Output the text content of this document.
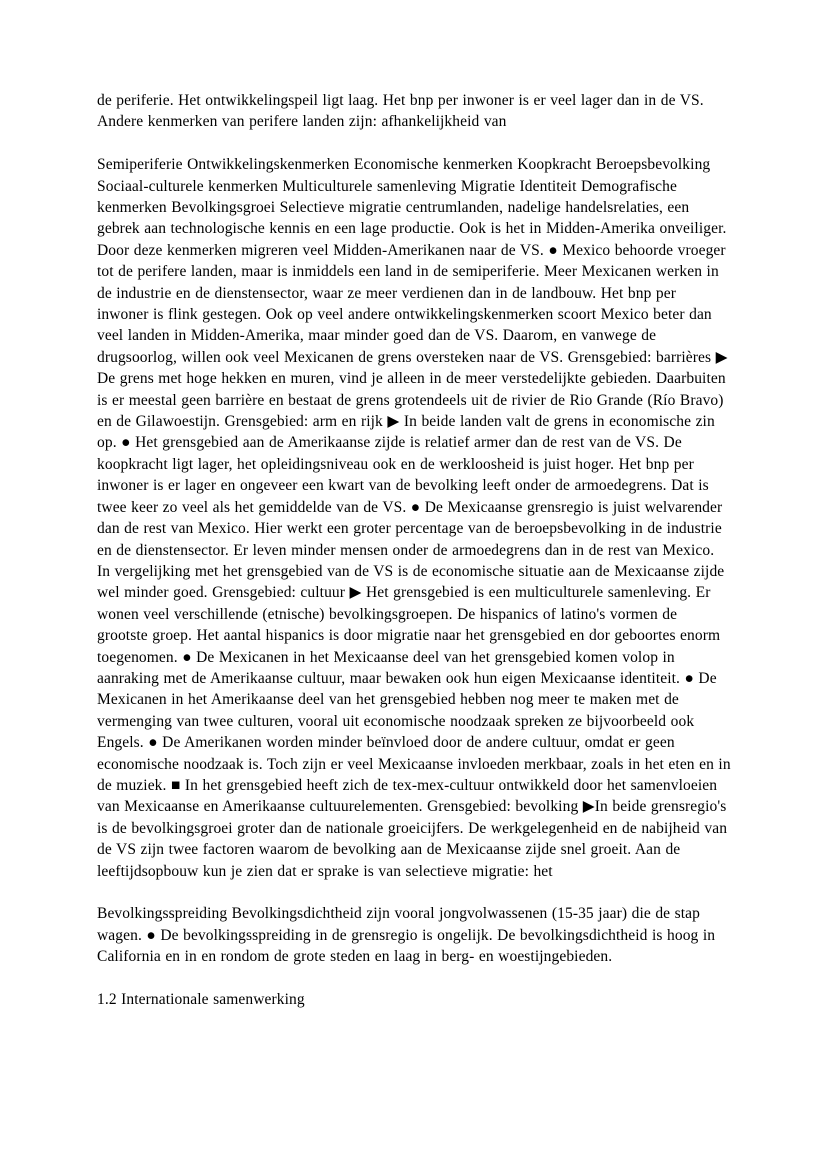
de periferie. Het ontwikkelingspeil ligt laag. Het bnp per inwoner is er veel lager dan in de VS. Andere kenmerken van perifere landen zijn: afhankelijkheid van

Semiperiferie Ontwikkelingskenmerken Economische kenmerken Koopkracht Beroepsbevolking Sociaal-culturele kenmerken Multiculturele samenleving Migratie Identiteit Demografische kenmerken Bevolkingsgroei Selectieve migratie centrumlanden, nadelige handelsrelaties, een gebrek aan technologische kennis en een lage productie. Ook is het in Midden-Amerika onveiliger. Door deze kenmerken migreren veel Midden-Amerikanen naar de VS. ● Mexico behoorde vroeger tot de perifere landen, maar is inmiddels een land in de semiperiferie. Meer Mexicanen werken in de industrie en de dienstensector, waar ze meer verdienen dan in de landbouw. Het bnp per inwoner is flink gestegen. Ook op veel andere ontwikkelingskenmerken scoort Mexico beter dan veel landen in Midden-Amerika, maar minder goed dan de VS. Daarom, en vanwege de drugsoorlog, willen ook veel Mexicanen de grens oversteken naar de VS. Grensgebied: barrières ▶ De grens met hoge hekken en muren, vind je alleen in de meer verstedelijkte gebieden. Daarbuiten is er meestal geen barrière en bestaat de grens grotendeels uit de rivier de Rio Grande (Río Bravo) en de Gilawoestijn. Grensgebied: arm en rijk ▶ In beide landen valt de grens in economische zin op. ● Het grensgebied aan de Amerikaanse zijde is relatief armer dan de rest van de VS. De koopkracht ligt lager, het opleidingsniveau ook en de werkloosheid is juist hoger. Het bnp per inwoner is er lager en ongeveer een kwart van de bevolking leeft onder de armoedegrens. Dat is twee keer zo veel als het gemiddelde van de VS. ● De Mexicaanse grensregio is juist welvarender dan de rest van Mexico. Hier werkt een groter percentage van de beroepsbevolking in de industrie en de dienstensector. Er leven minder mensen onder de armoedegrens dan in de rest van Mexico. In vergelijking met het grensgebied van de VS is de economische situatie aan de Mexicaanse zijde wel minder goed. Grensgebied: cultuur ▶ Het grensgebied is een multiculturele samenleving. Er wonen veel verschillende (etnische) bevolkingsgroepen. De hispanics of latino's vormen de grootste groep. Het aantal hispanics is door migratie naar het grensgebied en dor geboortes enorm toegenomen. ● De Mexicanen in het Mexicaanse deel van het grensgebied komen volop in aanraking met de Amerikaanse cultuur, maar bewaken ook hun eigen Mexicaanse identiteit. ● De Mexicanen in het Amerikaanse deel van het grensgebied hebben nog meer te maken met de vermenging van twee culturen, vooral uit economische noodzaak spreken ze bijvoorbeeld ook Engels. ● De Amerikanen worden minder beïnvloed door de andere cultuur, omdat er geen economische noodzaak is. Toch zijn er veel Mexicaanse invloeden merkbaar, zoals in het eten en in de muziek. ■ In het grensgebied heeft zich de tex-mex-cultuur ontwikkeld door het samenvloeien van Mexicaanse en Amerikaanse cultuurelementen. Grensgebied: bevolking ▶In beide grensregio's is de bevolkingsgroei groter dan de nationale groeicijfers. De werkgelegenheid en de nabijheid van de VS zijn twee factoren waarom de bevolking aan de Mexicaanse zijde snel groeit. Aan de leeftijdsopbouw kun je zien dat er sprake is van selectieve migratie: het

Bevolkingsspreiding Bevolkingsdichtheid zijn vooral jongvolwassenen (15-35 jaar) die de stap wagen. ● De bevolkingsspreiding in de grensregio is ongelijk. De bevolkingsdichtheid is hoog in California en in en rondom de grote steden en laag in berg- en woestijngebieden.

1.2 Internationale samenwerking
